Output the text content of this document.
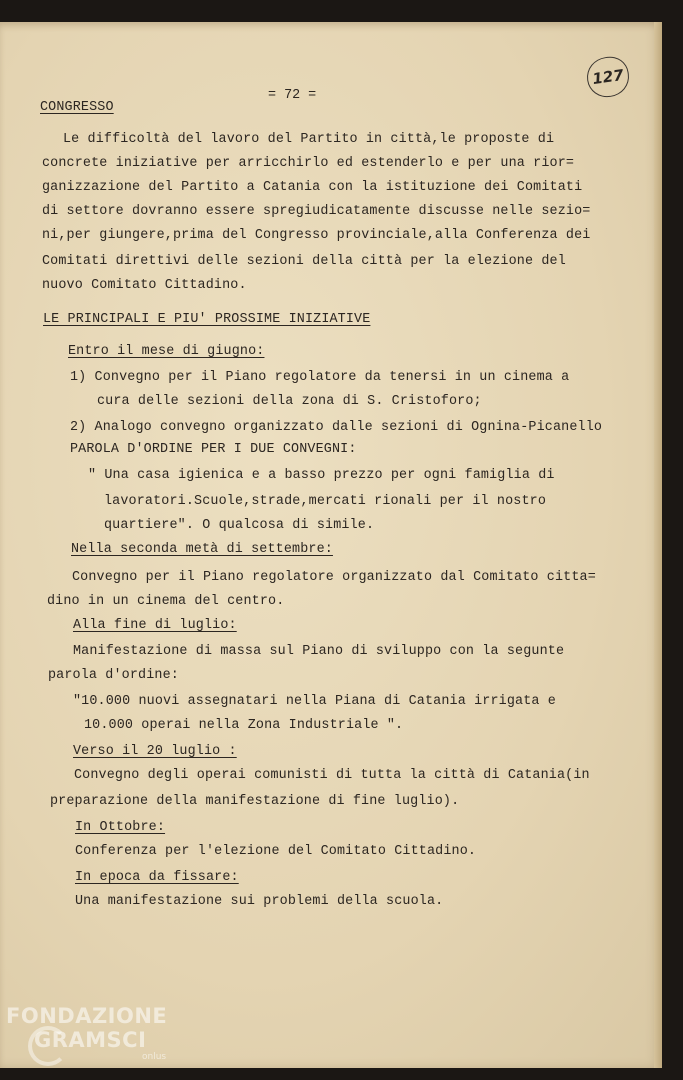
= 72 =
127
CONGRESSO
Le difficoltà del lavoro del Partito in città,le proposte di
concrete iniziative per arricchirlo ed estenderlo e per una rior=
ganizzazione del Partito a Catania con la istituzione dei Comitati
di settore dovranno essere spregiudicatamente discusse nelle sezio=
ni,per giungere,prima del Congresso provinciale,alla Conferenza dei
Comitati direttivi delle sezioni della città per la elezione del
nuovo Comitato Cittadino.
LE PRINCIPALI E PIU' PROSSIME INIZIATIVE
Entro il mese di giugno:
1) Convegno per il Piano regolatore da tenersi in un cinema a
cura delle sezioni della zona di S. Cristoforo;
2) Analogo convegno organizzato dalle sezioni di Ognina-Picanello
PAROLA D'ORDINE PER I DUE CONVEGNI:
" Una casa igienica e a basso prezzo per ogni famiglia di
lavoratori.Scuole,strade,mercati rionali per il nostro
quartiere". O qualcosa di simile.
Nella seconda metà di settembre:
Convegno per il Piano regolatore organizzato dal Comitato citta=
dino in un cinema del centro.
Alla fine di luglio:
Manifestazione di massa sul Piano di sviluppo con la segunte
parola d'ordine:
"10.000 nuovi assegnatari nella Piana di Catania irrigata e
10.000 operai nella Zona Industriale ".
Verso il 20 luglio :
Convegno degli operai comunisti di tutta la città di Catania(in
preparazione della manifestazione di fine luglio).
In Ottobre:
Conferenza per l'elezione del Comitato Cittadino.
In epoca da fissare:
Una manifestazione sui problemi della scuola.
FONDAZIONE
GRAMSCI
onlus
